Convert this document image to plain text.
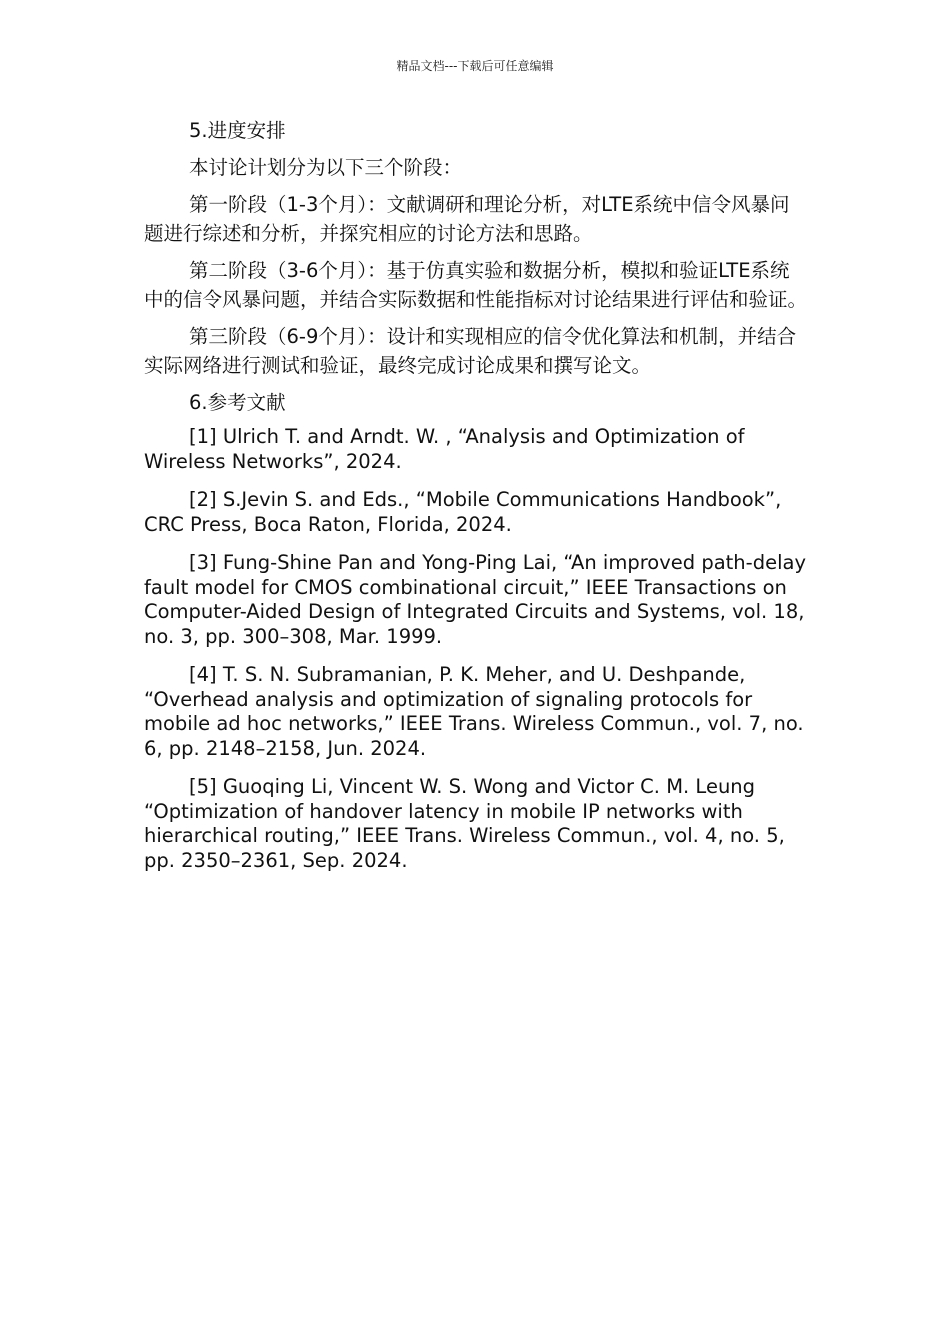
精品文档---下载后可任意编辑

5.进度安排

本讨论计划分为以下三个阶段：

第一阶段（1-3个月）：文献调研和理论分析，对LTE系统中信令风暴问题进行综述和分析，并探究相应的讨论方法和思路。

第二阶段（3-6个月）：基于仿真实验和数据分析，模拟和验证LTE系统中的信令风暴问题，并结合实际数据和性能指标对讨论结果进行评估和验证。

第三阶段（6-9个月）：设计和实现相应的信令优化算法和机制，并结合实际网络进行测试和验证，最终完成讨论成果和撰写论文。

6.参考文献

[1] Ulrich T. and Arndt. W. , “Analysis and Optimization of Wireless Networks”, 2024.

[2] S.Jevin S. and Eds., “Mobile Communications Handbook”, CRC Press, Boca Raton, Florida, 2024.

[3] Fung-Shine Pan and Yong-Ping Lai, “An improved path-delay fault model for CMOS combinational circuit,” IEEE Transactions on Computer-Aided Design of Integrated Circuits and Systems, vol. 18, no. 3, pp. 300–308, Mar. 1999.

[4] T. S. N. Subramanian, P. K. Meher, and U. Deshpande, “Overhead analysis and optimization of signaling protocols for mobile ad hoc networks,” IEEE Trans. Wireless Commun., vol. 7, no. 6, pp. 2148–2158, Jun. 2024.

[5] Guoqing Li, Vincent W. S. Wong and Victor C. M. Leung “Optimization of handover latency in mobile IP networks with hierarchical routing,” IEEE Trans. Wireless Commun., vol. 4, no. 5, pp. 2350–2361, Sep. 2024.
